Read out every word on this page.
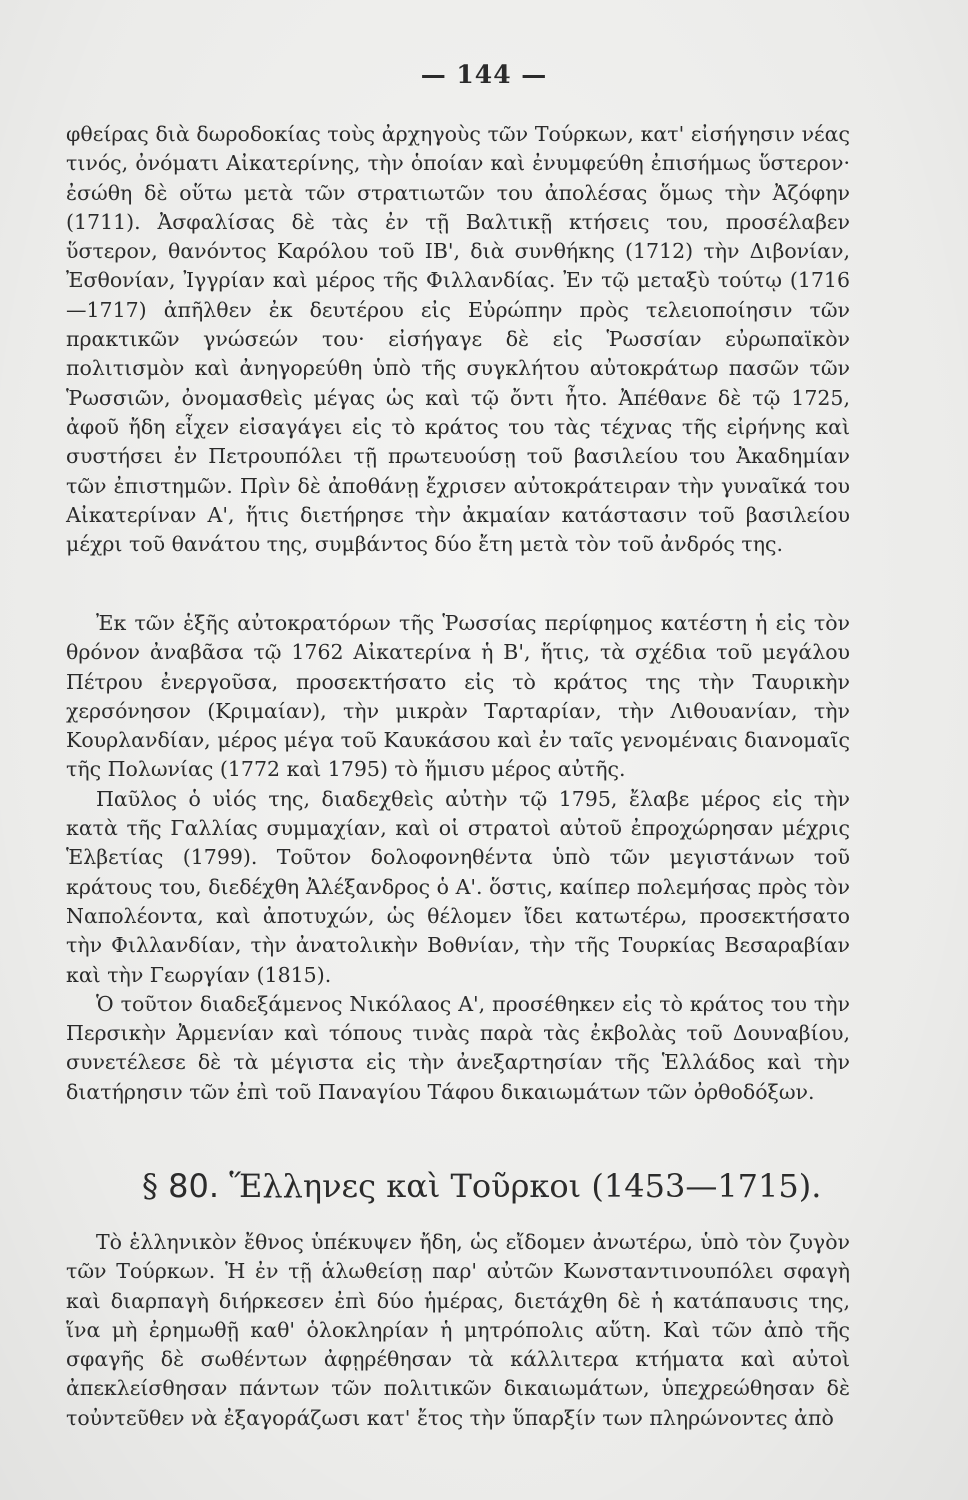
— 144 —

φθείρας διὰ δωροδοκίας τοὺς ἀρχηγοὺς τῶν Τούρκων, κατ' εἰσήγησιν νέας τινός, ὀνόματι Αἰκατερίνης, τὴν ὁποίαν καὶ ἐνυμφεύθη ἐπισήμως ὕστερον· ἐσώθη δὲ οὕτω μετὰ τῶν στρατιωτῶν του ἀπολέσας ὅμως τὴν Ἀζόφην (1711). Ἀσφαλίσας δὲ τὰς ἐν τῇ Βαλτικῇ κτήσεις του, προσέλαβεν ὕστερον, θανόντος Καρόλου τοῦ ΙΒ', διὰ συνθήκης (1712) τὴν Διβονίαν, Ἐσθονίαν, Ἰγγρίαν καὶ μέρος τῆς Φιλλανδίας. Ἐν τῷ μεταξὺ τούτῳ (1716—1717) ἀπῆλθεν ἐκ δευτέρου εἰς Εὐρώπην πρὸς τελειοποίησιν τῶν πρακτικῶν γνώσεών του· εἰσήγαγε δὲ εἰς Ῥωσσίαν εὐρωπαϊκὸν πολιτισμὸν καὶ ἀνηγορεύθη ὑπὸ τῆς συγκλήτου αὐτοκράτωρ πασῶν τῶν Ῥωσσιῶν, ὀνομασθεὶς μέγας ὡς καὶ τῷ ὄντι ἦτο. Ἀπέθανε δὲ τῷ 1725, ἀφοῦ ἤδη εἶχεν εἰσαγάγει εἰς τὸ κράτος του τὰς τέχνας τῆς εἰρήνης καὶ συστήσει ἐν Πετρουπόλει τῇ πρωτευούσῃ τοῦ βασιλείου του Ἀκαδημίαν τῶν ἐπιστημῶν. Πρὶν δὲ ἀποθάνῃ ἔχρισεν αὐτοκράτειραν τὴν γυναῖκά του Αἰκατερίναν Α', ἥτις διετήρησε τὴν ἀκμαίαν κατάστασιν τοῦ βασιλείου μέχρι τοῦ θανάτου της, συμβάντος δύο ἔτη μετὰ τὸν τοῦ ἀνδρός της.

Ἐκ τῶν ἑξῆς αὐτοκρατόρων τῆς Ῥωσσίας περίφημος κατέστη ἡ εἰς τὸν θρόνον ἀναβᾶσα τῷ 1762 Αἰκατερίνα ἡ Β', ἥτις, τὰ σχέδια τοῦ μεγάλου Πέτρου ἐνεργοῦσα, προσεκτήσατο εἰς τὸ κράτος της τὴν Ταυρικὴν χερσόνησον (Κριμαίαν), τὴν μικρὰν Ταρταρίαν, τὴν Λιθουανίαν, τὴν Κουρλανδίαν, μέρος μέγα τοῦ Καυκάσου καὶ ἐν ταῖς γενομέναις διανομαῖς τῆς Πολωνίας (1772 καὶ 1795) τὸ ἥμισυ μέρος αὐτῆς.

Παῦλος ὁ υἱός της, διαδεχθεὶς αὐτὴν τῷ 1795, ἔλαβε μέρος εἰς τὴν κατὰ τῆς Γαλλίας συμμαχίαν, καὶ οἱ στρατοὶ αὐτοῦ ἐπροχώρησαν μέχρις Ἑλβετίας (1799). Τοῦτον δολοφονηθέντα ὑπὸ τῶν μεγιστάνων τοῦ κράτους του, διεδέχθη Ἀλέξανδρος ὁ Α'. ὅστις, καίπερ πολεμήσας πρὸς τὸν Ναπολέοντα, καὶ ἀποτυχών, ὡς θέλομεν ἴδει κατωτέρω, προσεκτήσατο τὴν Φιλλανδίαν, τὴν ἀνατολικὴν Βοθνίαν, τὴν τῆς Τουρκίας Βεσαραβίαν καὶ τὴν Γεωργίαν (1815).

Ὁ τοῦτον διαδεξάμενος Νικόλαος Α', προσέθηκεν εἰς τὸ κράτος του τὴν Περσικὴν Ἀρμενίαν καὶ τόπους τινὰς παρὰ τὰς ἐκβολὰς τοῦ Δουναβίου, συνετέλεσε δὲ τὰ μέγιστα εἰς τὴν ἀνεξαρτησίαν τῆς Ἑλλάδος καὶ τὴν διατήρησιν τῶν ἐπὶ τοῦ Παναγίου Τάφου δικαιωμάτων τῶν ὀρθοδόξων.

§ 80. Ἕλληνες καὶ Τοῦρκοι (1453—1715).

Τὸ ἑλληνικὸν ἔθνος ὑπέκυψεν ἤδη, ὡς εἴδομεν ἀνωτέρω, ὑπὸ τὸν ζυγὸν τῶν Τούρκων. Ἡ ἐν τῇ ἁλωθείσῃ παρ' αὐτῶν Κωνσταντινουπόλει σφαγὴ καὶ διαρπαγὴ διήρκεσεν ἐπὶ δύο ἡμέρας, διετάχθη δὲ ἡ κατάπαυσις της, ἵνα μὴ ἐρημωθῇ καθ' ὁλοκληρίαν ἡ μητρόπολις αὕτη. Καὶ τῶν ἀπὸ τῆς σφαγῆς δὲ σωθέντων ἀφῃρέθησαν τὰ κάλλιτερα κτήματα καὶ αὐτοὶ ἀπεκλείσθησαν πάντων τῶν πολιτικῶν δικαιωμάτων, ὑπεχρεώθησαν δὲ τοὐντεῦθεν νὰ ἐξαγοράζωσι κατ' ἔτος τὴν ὕπαρξίν των πληρώνοντες ἀπὸ
